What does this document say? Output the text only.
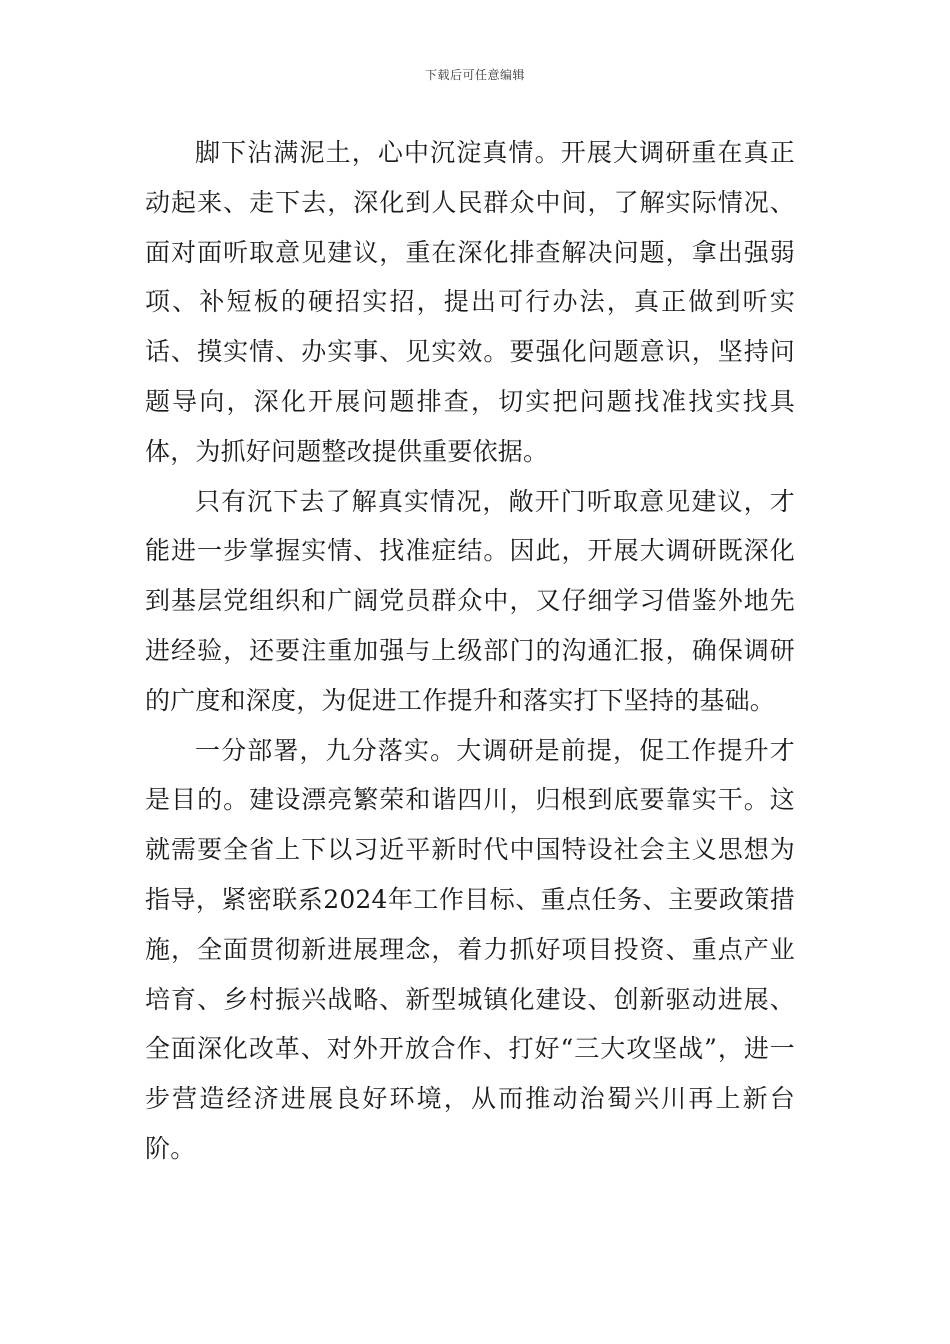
下载后可任意编辑

脚下沾满泥土，心中沉淀真情。开展大调研重在真正动起来、走下去，深化到人民群众中间，了解实际情况、面对面听取意见建议，重在深化排查解决问题，拿出强弱项、补短板的硬招实招，提出可行办法，真正做到听实话、摸实情、办实事、见实效。要强化问题意识，坚持问题导向，深化开展问题排查，切实把问题找准找实找具体，为抓好问题整改提供重要依据。

只有沉下去了解真实情况，敞开门听取意见建议，才能进一步掌握实情、找准症结。因此，开展大调研既深化到基层党组织和广阔党员群众中，又仔细学习借鉴外地先进经验，还要注重加强与上级部门的沟通汇报，确保调研的广度和深度，为促进工作提升和落实打下坚持的基础。

一分部署，九分落实。大调研是前提，促工作提升才是目的。建设漂亮繁荣和谐四川，归根到底要靠实干。这就需要全省上下以习近平新时代中国特设社会主义思想为指导，紧密联系2024年工作目标、重点任务、主要政策措施，全面贯彻新进展理念，着力抓好项目投资、重点产业培育、乡村振兴战略、新型城镇化建设、创新驱动进展、全面深化改革、对外开放合作、打好“三大攻坚战”，进一步营造经济进展良好环境，从而推动治蜀兴川再上新台阶。
